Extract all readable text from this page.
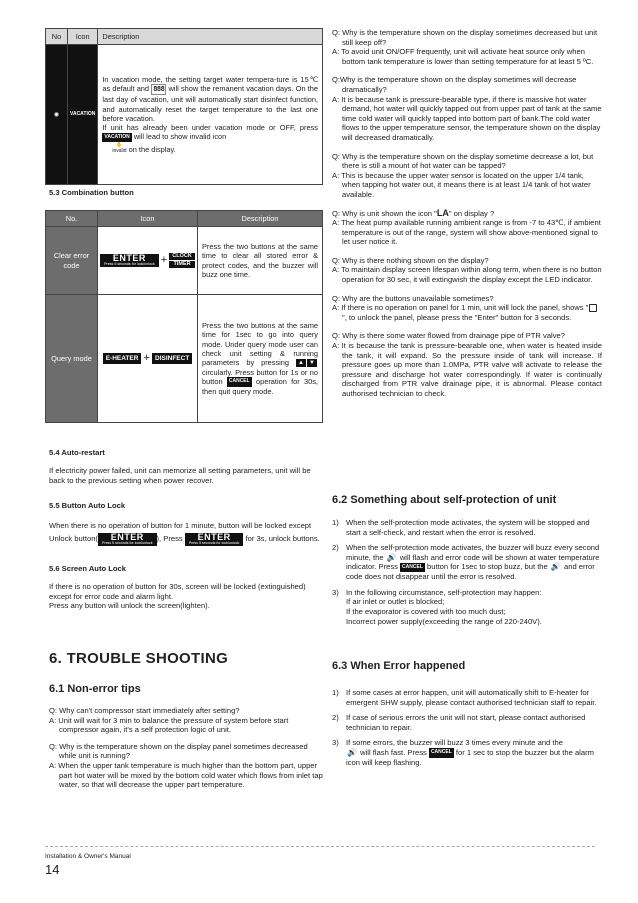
No	Icon	Description
◉	VACATION	In vacation mode, the setting target water tempera-ture is 15℃ as default and 888 will show the remanent vacation days. On the last day of vacation, unit will automatically start disinfect function, and automatically reset the target temperature to the last one before vacation.
If unit has already been under vacation mode or OFF, press VACATION will lead to show invalid icon
✋
invalid on the display.
5.3 Combination button
No.	Icon	Description
Clear error code	ENTER
Press 5 seconds for lock/unlock + CLOCK
TIMER	Press the two buttons at the same time to clear all stored error & protect codes, and the buzzer will buzz one time.
Query mode	E-HEATER + DISINFECT	Press the two buttons at the same time for 1sec to go into query mode. Under query mode user can check unit setting & running parameters by pressing ▲ ▼ circularly. Press button for 1s or no button CANCEL operation for 30s, then quit query mode.
5.4 Auto-restart

If electricity power failed, unit can memorize all setting parameters, unit will be back to the previous setting when power recover.

5.5 Button Auto Lock

When there is no operation of button for 1 minute, button will be locked except Unlock button( ENTER
Press 5 seconds for lock/unlock ), Press ENTER
Press 5 seconds for lock/unlock for 3s, unlock buttons.

5.6 Screen Auto Lock

If there is no operation of button for 30s, screen will be locked (extinguished) except for error code and alarm light.
Press any button will unlock the screen(lighten).

6. TROUBLE SHOOTING
6.1 Non-error tips

Q: Why can't compressor start immediately after setting?

A: Unit will wait for 3 min to balance the pressure of system before start compressor again, it's a self protection logic of unit.

Q: Why is the temperature shown on the display panel sometimes decreased while unit is running?

A: When the upper tank temperature is much higher than the bottom part, upper part hot water will be mixed by the bottom cold water which flows from inlet tap water, so that will decrease the upper part temperature.

Q: Why is the temperature shown on the display sometimes decreased but unit still keep off?

A: To avoid unit ON/OFF frequently, unit will activate heat source only when bottom tank temperature is lower than setting temperature for at least 5 ºC.

Q:Why is the temperature shown on the display sometimes will decrease dramatically?

A: It is because tank is pressure-bearable type, if there is massive hot water demand, hot water will quickly tapped out from upper part of tank at the same time cold water will quickly tapped into bottom part of bank.The cold water flows to the upper temperature sensor, the temperature shown on the display will decreased dramatically.

Q: Why is the temperature shown on the display sometime decrease a lot, but there is still a mount of hot water can be tapped?

A: This is because the upper water sensor is located on the upper 1/4 tank, when tapping hot water out, it means there is at least 1/4 tank of hot water available.

Q: Why is unit shown the icon "LA" on display ?

A: The heat pump available running ambient range is from -7 to 43℃, if ambient temperature is out of the range, system will show above-mentioned signal to let user notice it.

Q: Why is there nothing shown on the display?

A: To maintain display screen lifespan within along term, when there is no button operation for 30 sec, it will extingwish the display except the LED indicator.

Q: Why are the buttons unavailable sometimes?

A: If there is no operation on panel for 1 min, unit will lock the panel, shows "", to unlock the panel, please press the "Enter" button for 3 seconds.

Q: Why is there some water flowed from drainage pipe of PTR valve?

A: It is because the tank is pressure-bearable one, when water is heated inside the tank, it will expand. So the pressure inside of tank will increase. If pressure goes up more than 1.0MPa, PTR valve will activate to release the pressure and discharge hot water correspondingly. If water is continually discharged from PTR valve drainage pipe, it is abnormal. Please contact authorised technician to check.

6.2 Something about self-protection of unit
1) When the self-protection mode activates, the system will be stopped and start a self-check, and restart when the error is resolved.
2) When the self-protection mode activates, the buzzer will buzz every second minute, the 🔊 will flash and error code will be shown at water temperature indicator. Press CANCEL button for 1sec to stop buzz, but the 🔊 and error code does not disappear until the error is resolved.
3) In the following circumstance, self-protection may happen:
If air inlet or outlet is blocked;
If the evaporator is covered with too much dust;
Incorrect power supply(exceeding the range of 220-240V).
6.3 When Error happened
1) If some cases at error happen, unit will automatically shift to E-heater for emergent SHW supply, please contact authorised technician staff to repair.
2) If case of serious errors the unit will not start, please contact authorised technician to repair.
3) If some errors, the buzzer will buzz 3 times every minute and the
🔊 will flash fast. Press CANCEL for 1 sec to stop the buzzer but the alarm icon will keep flashing.
Installation & Owner's Manual
14
